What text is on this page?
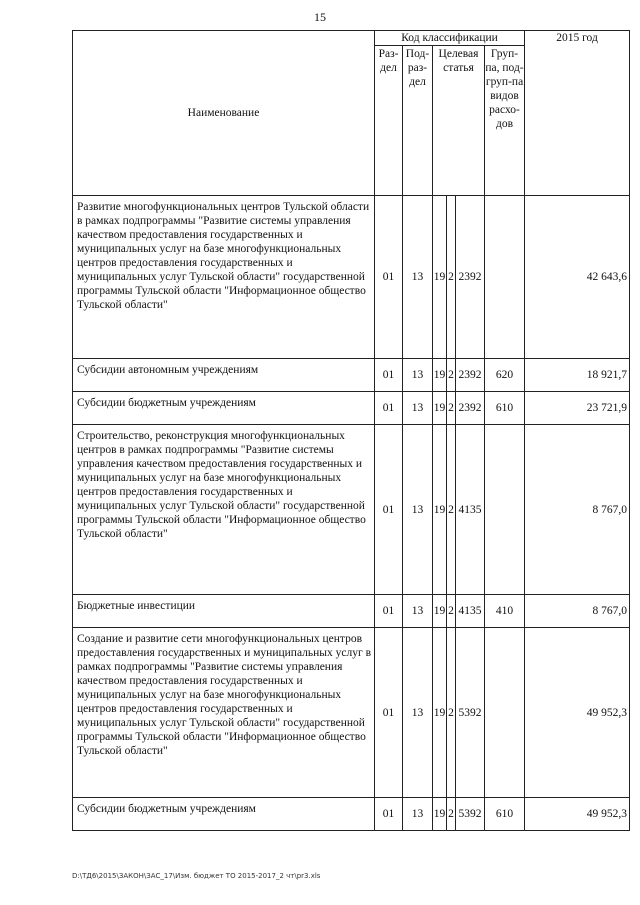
15
Наименование	Код классификации						2015 год
	Раз-дел	Под-раз-дел	Целевая статья			Груп-па, под-груп-па видов расхо-дов	
Развитие многофункциональных центров Тульской области в рамках подпрограммы "Развитие системы управления качеством предоставления государственных и муниципальных услуг на базе многофункциональных центров предоставления государственных и муниципальных услуг Тульской области" государственной программы Тульской области "Информационное общество Тульской области"	01	13	19	2	2392		42 643,6
Субсидии автономным учреждениям	01	13	19	2	2392	620	18 921,7
Субсидии бюджетным учреждениям	01	13	19	2	2392	610	23 721,9
Строительство, реконструкция многофункциональных центров в рамках подпрограммы "Развитие системы управления качеством предоставления государственных и муниципальных услуг на базе многофункциональных центров предоставления государственных и муниципальных услуг Тульской области" государственной программы Тульской области "Информационное общество Тульской области"	01	13	19	2	4135		8 767,0
Бюджетные инвестиции	01	13	19	2	4135	410	8 767,0
Создание и развитие сети многофункциональных центров предоставления государственных и муниципальных услуг в рамках подпрограммы "Развитие системы управления качеством предоставления государственных и муниципальных услуг на базе многофункциональных центров предоставления государственных и муниципальных услуг Тульской области" государственной программы Тульской области "Информационное общество Тульской области"	01	13	19	2	5392		49 952,3
Субсидии бюджетным учреждениям	01	13	19	2	5392	610	49 952,3
D:\ТД6\2015\ЗАКОН\ЗАС_17\Изм. бюджет ТО 2015-2017_2 чт\pr3.xls
